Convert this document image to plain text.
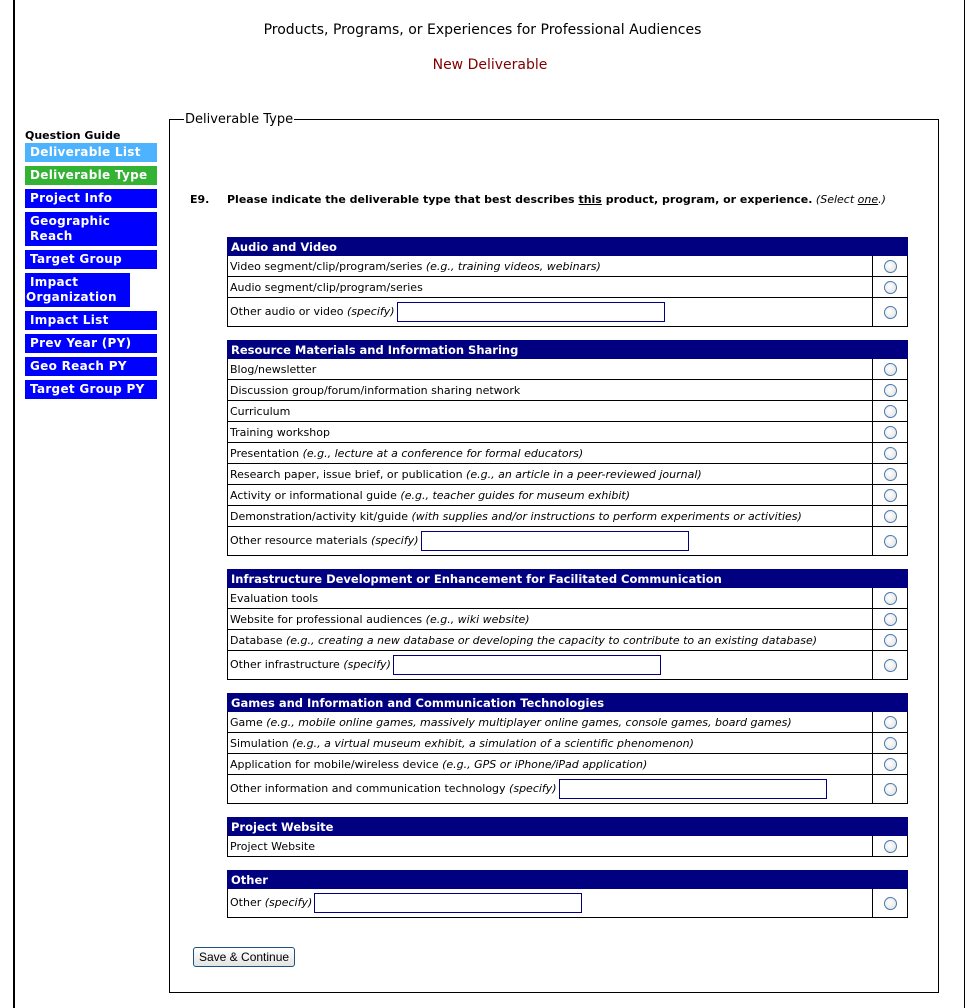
Products, Programs, or Experiences for Professional Audiences
New Deliverable
Question Guide
Deliverable List
Deliverable Type
Project Info
Geographic Reach
Target Group
Impact Organization
Impact List
Prev Year (PY)
Geo Reach PY
Target Group PY
Deliverable Type
E9. Please indicate the deliverable type that best describes this product, program, or experience. (Select one.)
Audio and Video	
Video segment/clip/program/series (e.g., training videos, webinars)	
Audio segment/clip/program/series	
Other audio or video (specify)	
Resource Materials and Information Sharing	
Blog/newsletter	
Discussion group/forum/information sharing network	
Curriculum	
Training workshop	
Presentation (e.g., lecture at a conference for formal educators)	
Research paper, issue brief, or publication (e.g., an article in a peer-reviewed journal)	
Activity or informational guide (e.g., teacher guides for museum exhibit)	
Demonstration/activity kit/guide (with supplies and/or instructions to perform experiments or activities)	
Other resource materials (specify)	
Infrastructure Development or Enhancement for Facilitated Communication	
Evaluation tools	
Website for professional audiences (e.g., wiki website)	
Database (e.g., creating a new database or developing the capacity to contribute to an existing database)	
Other infrastructure (specify)	
Games and Information and Communication Technologies	
Game (e.g., mobile online games, massively multiplayer online games, console games, board games)	
Simulation (e.g., a virtual museum exhibit, a simulation of a scientific phenomenon)	
Application for mobile/wireless device (e.g., GPS or iPhone/iPad application)	
Other information and communication technology (specify)	
Project Website
Project Website	
Other
Other (specify)	
Save & Continue
